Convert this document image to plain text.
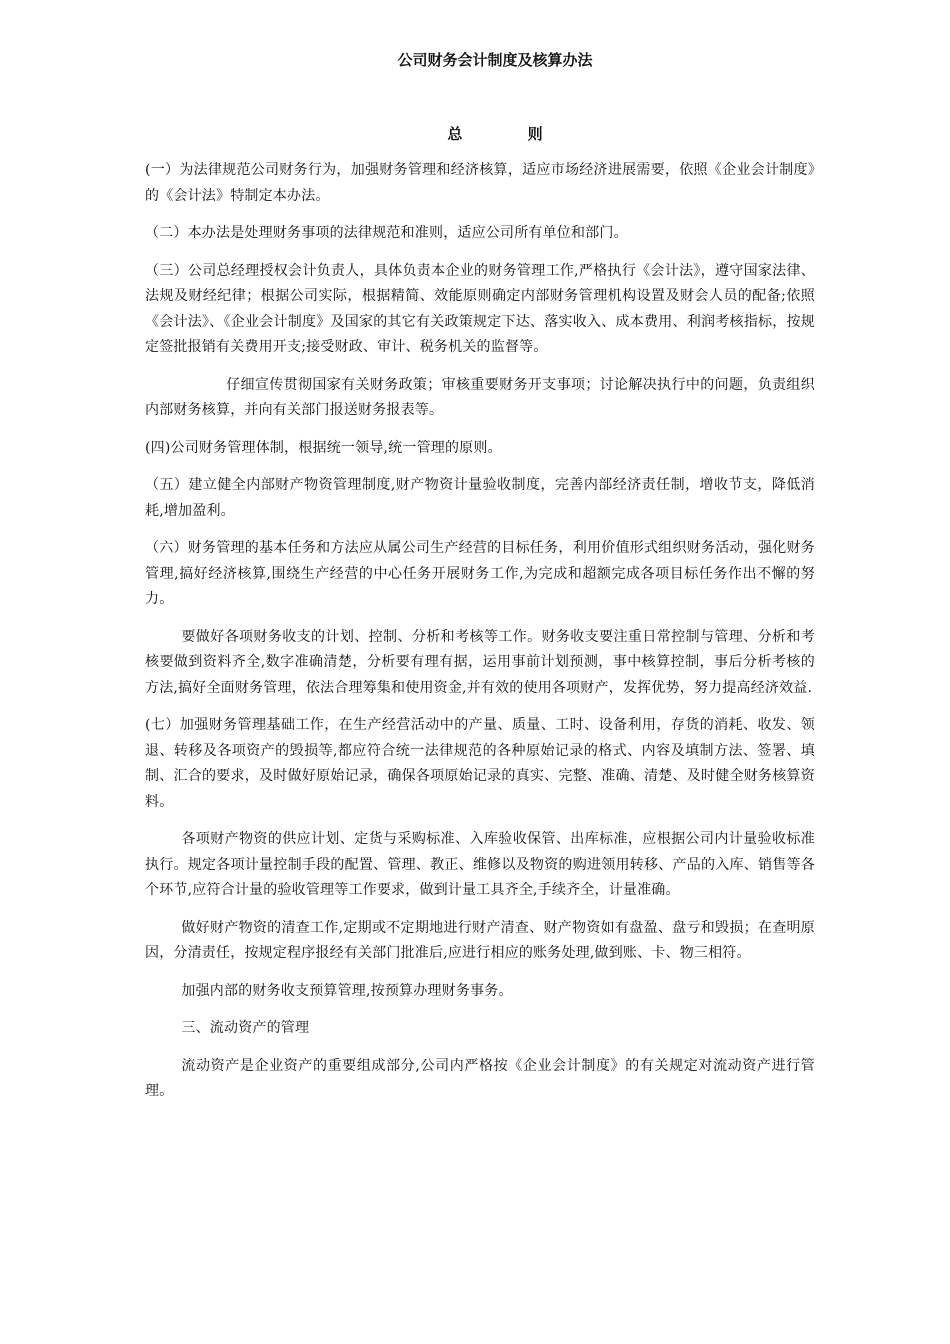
公司财务会计制度及核算办法
总 则

(一）为法律规范公司财务行为，加强财务管理和经济核算，适应市场经济进展需要，依照《企业会计制度》的《会计法》特制定本办法。

（二）本办法是处理财务事项的法律规范和准则，适应公司所有单位和部门。

（三）公司总经理授权会计负责人，具体负责本企业的财务管理工作,严格执行《会计法》，遵守国家法律、法规及财经纪律；根据公司实际，根据精简、效能原则确定内部财务管理机构设置及财会人员的配备;依照《会计法》、《企业会计制度》及国家的其它有关政策规定下达、落实收入、成本费用、利润考核指标，按规定签批报销有关费用开支;接受财政、审计、税务机关的监督等。

仔细宣传贯彻国家有关财务政策；审核重要财务开支事项；讨论解决执行中的问题，负责组织内部财务核算，并向有关部门报送财务报表等。

(四)公司财务管理体制，根据统一领导,统一管理的原则。

（五）建立健全内部财产物资管理制度,财产物资计量验收制度，完善内部经济责任制，增收节支，降低消耗,增加盈利。

（六）财务管理的基本任务和方法应从属公司生产经营的目标任务，利用价值形式组织财务活动，强化财务管理,搞好经济核算,围绕生产经营的中心任务开展财务工作,为完成和超额完成各项目标任务作出不懈的努力。

要做好各项财务收支的计划、控制、分析和考核等工作。财务收支要注重日常控制与管理、分析和考核要做到资料齐全,数字准确清楚，分析要有理有据，运用事前计划预测，事中核算控制，事后分析考核的方法,搞好全面财务管理，依法合理筹集和使用资金,并有效的使用各项财产，发挥优势，努力提高经济效益.

(七）加强财务管理基础工作，在生产经营活动中的产量、质量、工时、设备利用，存货的消耗、收发、领退、转移及各项资产的毁损等,都应符合统一法律规范的各种原始记录的格式、内容及填制方法、签署、填制、汇合的要求，及时做好原始记录，确保各项原始记录的真实、完整、准确、清楚、及时健全财务核算资料。

各项财产物资的供应计划、定货与采购标准、入库验收保管、出库标准，应根据公司内计量验收标准执行。规定各项计量控制手段的配置、管理、教正、维修以及物资的购进领用转移、产品的入库、销售等各个环节,应符合计量的验收管理等工作要求，做到计量工具齐全,手续齐全，计量准确。

做好财产物资的清查工作,定期或不定期地进行财产清查、财产物资如有盘盈、盘亏和毁损；在查明原因，分清责任，按规定程序报经有关部门批准后,应进行相应的账务处理,做到账、卡、物三相符。

加强内部的财务收支预算管理,按预算办理财务事务。

三、流动资产的管理

流动资产是企业资产的重要组成部分,公司内严格按《企业会计制度》的有关规定对流动资产进行管理。
